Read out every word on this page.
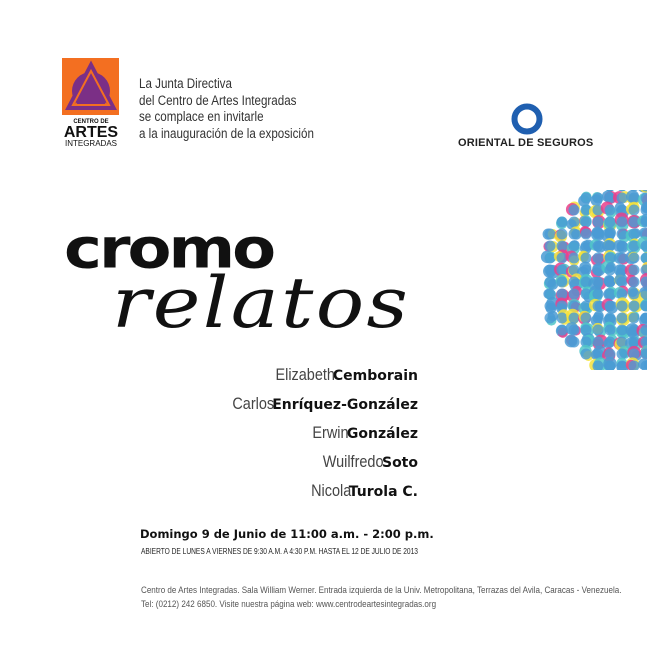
CENTRO DE
ARTES
INTEGRADAS
La Junta Directiva
del Centro de Artes Integradas
se complace en invitarle
a la inauguración de la exposición
ORIENTAL DE SEGUROS
cromo
relatos
ElizabethCemborain
CarlosEnríquez-González
ErwinGonzález
WuilfredoSoto
NicolaTurola C.
Domingo 9 de Junio de 11:00 a.m. - 2:00 p.m.
ABIERTO DE LUNES A VIERNES DE 9:30 A.M. A 4:30 P.M. HASTA EL 12 DE JULIO DE 2013
Centro de Artes Integradas. Sala William Werner. Entrada izquierda de la Univ. Metropolitana, Terrazas del Avila, Caracas - Venezuela.
Tel: (0212) 242 6850. Visite nuestra página web: www.centrodeartesintegradas.org
